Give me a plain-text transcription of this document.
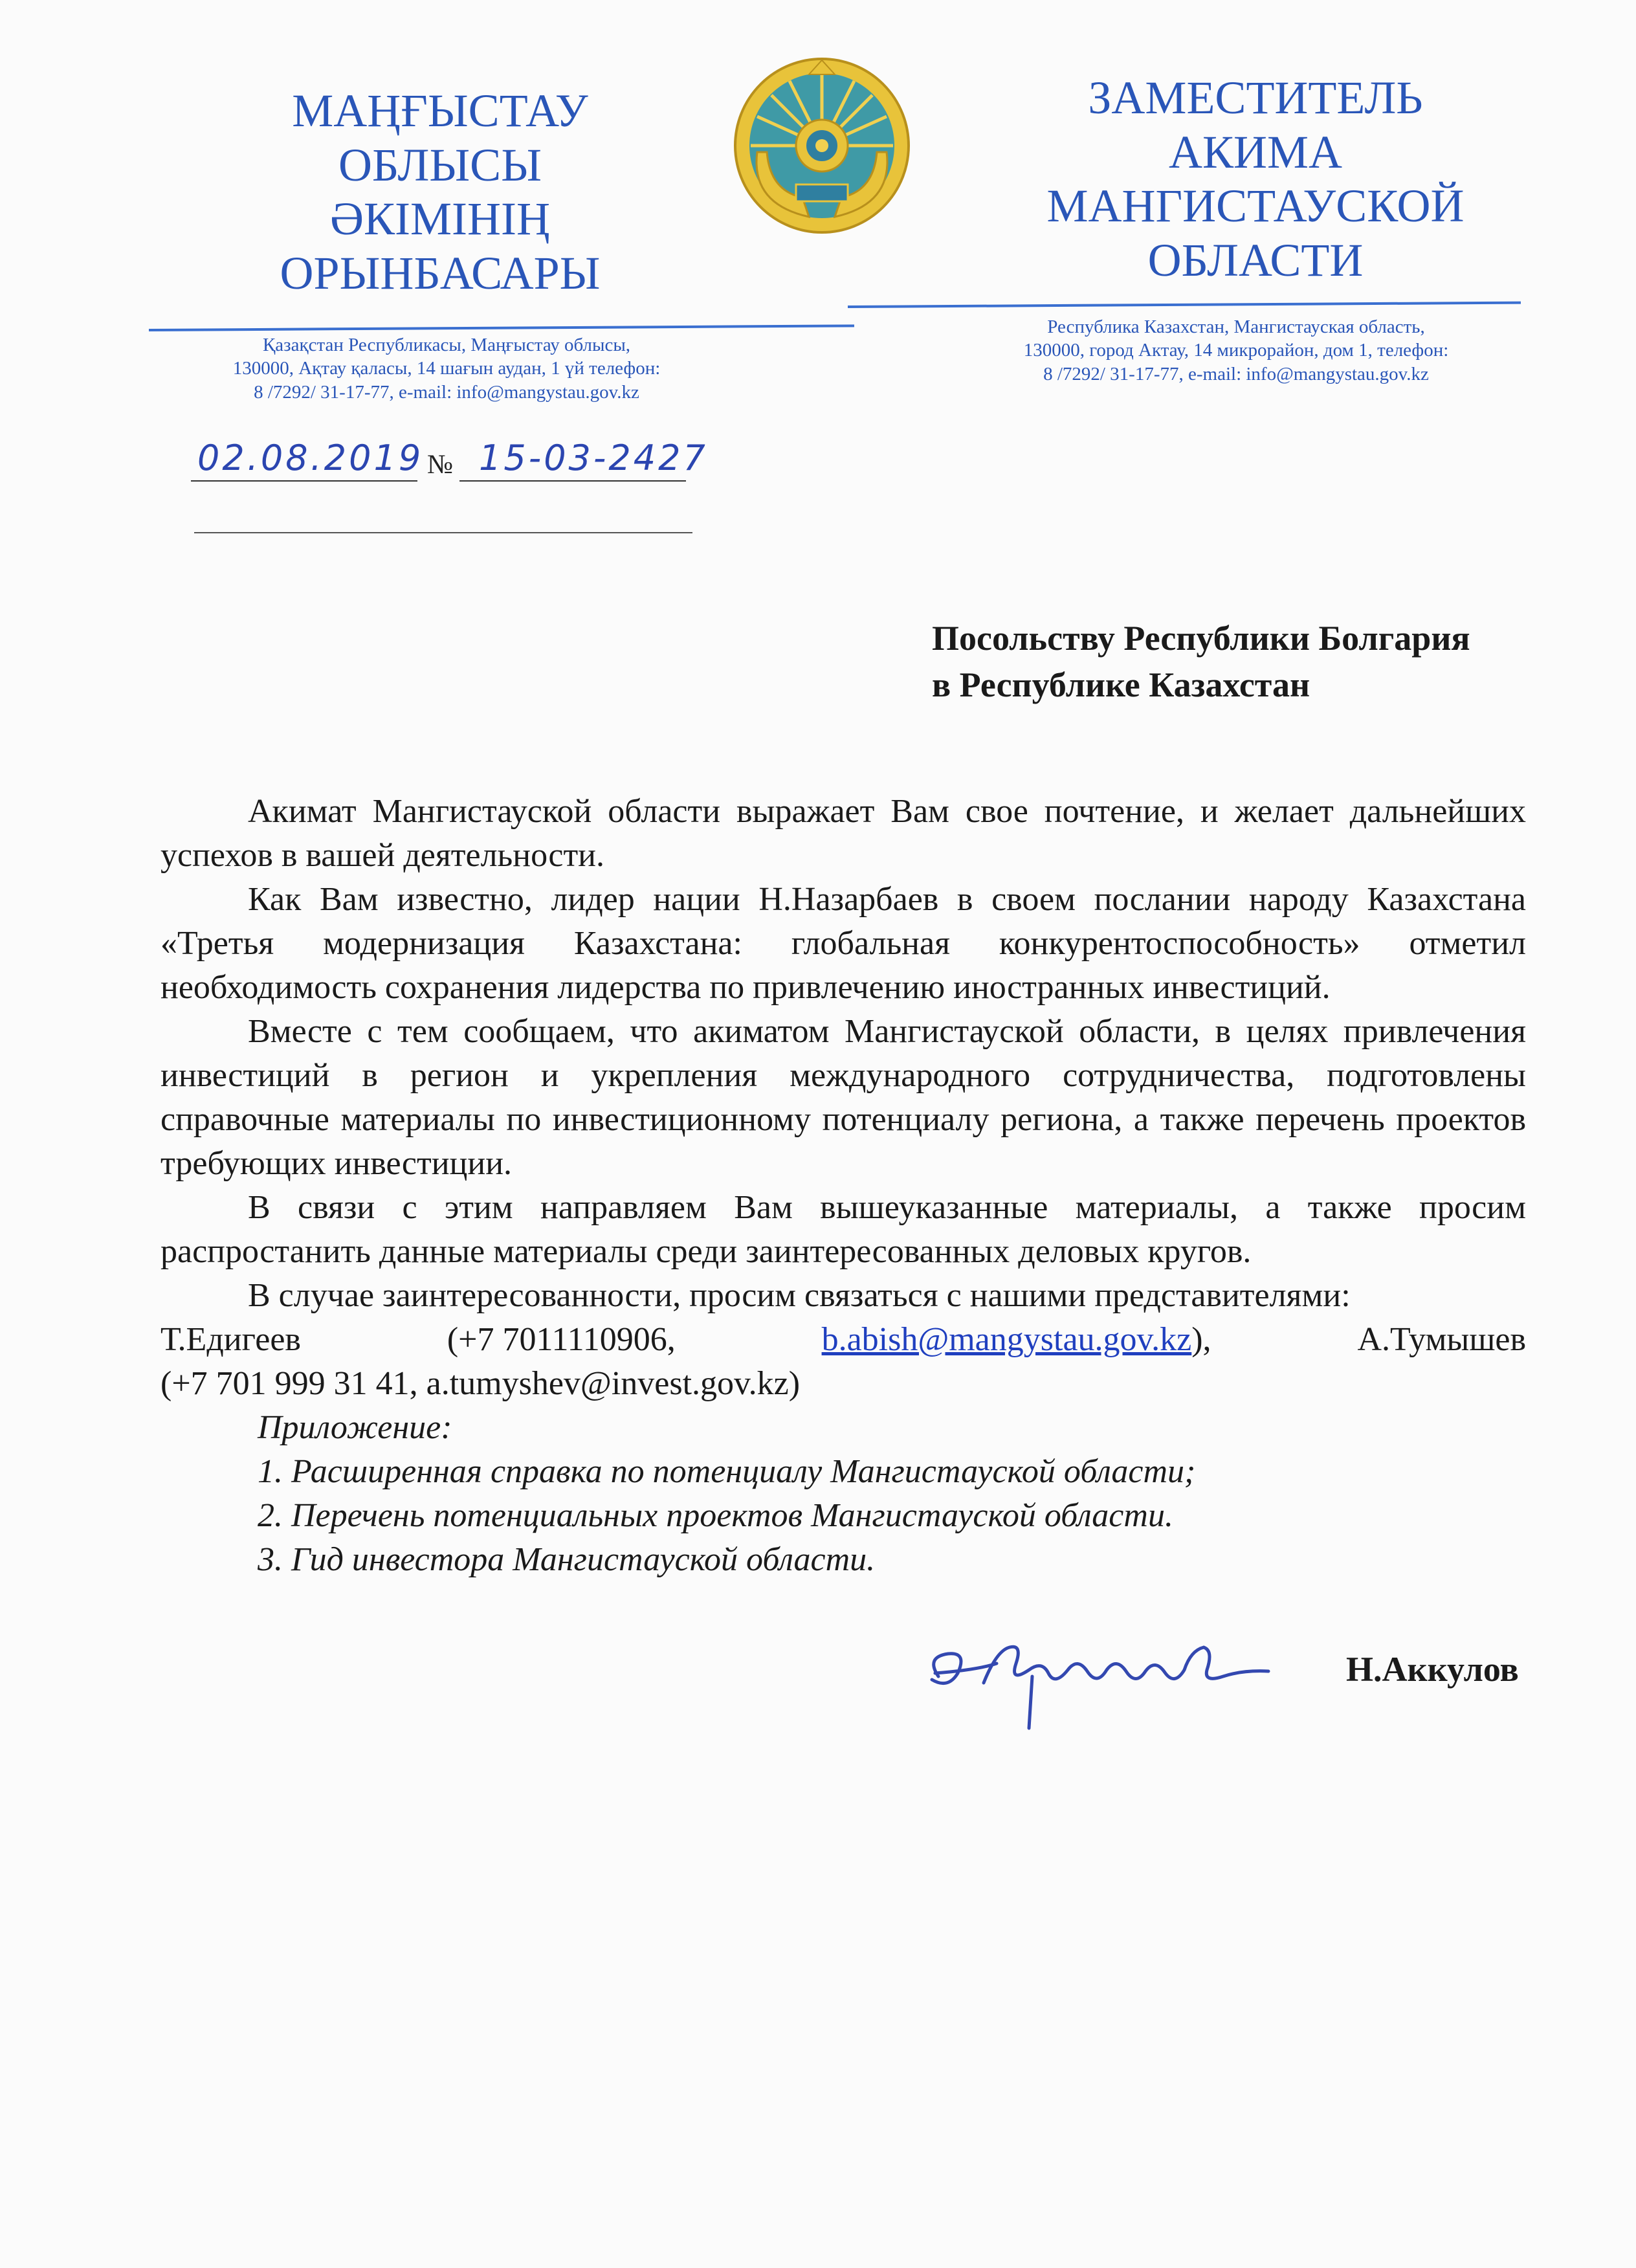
МАҢҒЫСТАУ
ОБЛЫСЫ
ӘКІМІНІҢ
ОРЫНБАСАРЫ
ЗАМЕСТИТЕЛЬ
АКИМА
МАНГИСТАУСКОЙ
ОБЛАСТИ
Қазақстан Республикасы, Маңғыстау облысы,
130000, Ақтау қаласы, 14 шағын аудан, 1 үй телефон:
8 /7292/ 31-17-77, e-mail: info@mangystau.gov.kz
Республика Казахстан, Мангистауская область,
130000, город Актау, 14 микрорайон, дом 1, телефон:
8 /7292/ 31-17-77, e-mail: info@mangystau.gov.kz
02.08.2019 № 15-03-2427
Посольству Республики Болгария
в Республике Казахстан

Акимат Мангистауской области выражает Вам свое почтение, и желает дальнейших успехов в вашей деятельности.

Как Вам известно, лидер нации Н.Назарбаев в своем послании народу Казахстана «Третья модернизация Казахстана: глобальная конкурентоспособность» отметил необходимость сохранения лидерства по привлечению иностранных инвестиций.

Вместе с тем сообщаем, что акиматом Мангистауской области, в целях привлечения инвестиций в регион и укрепления международного сотрудничества, подготовлены справочные материалы по инвестиционному потенциалу региона, а также перечень проектов требующих инвестиции.

В связи с этим направляем Вам вышеуказанные материалы, а также просим распростанить данные материалы среди заинтересованных деловых кругов.

В случае заинтересованности, просим связаться с нашими представителями:

Т.Едигеев	(+7 7011110906,	b.abish@mangystau.gov.kz),	А.Тумышев
(+7 701 999 31 41, a.tumyshev@invest.gov.kz)
Приложение:
1. Расширенная справка по потенциалу Мангистауской области;
2. Перечень потенциальных проектов Мангистауской области.
3. Гид инвестора Мангистауской области.
Н.Аккулов
